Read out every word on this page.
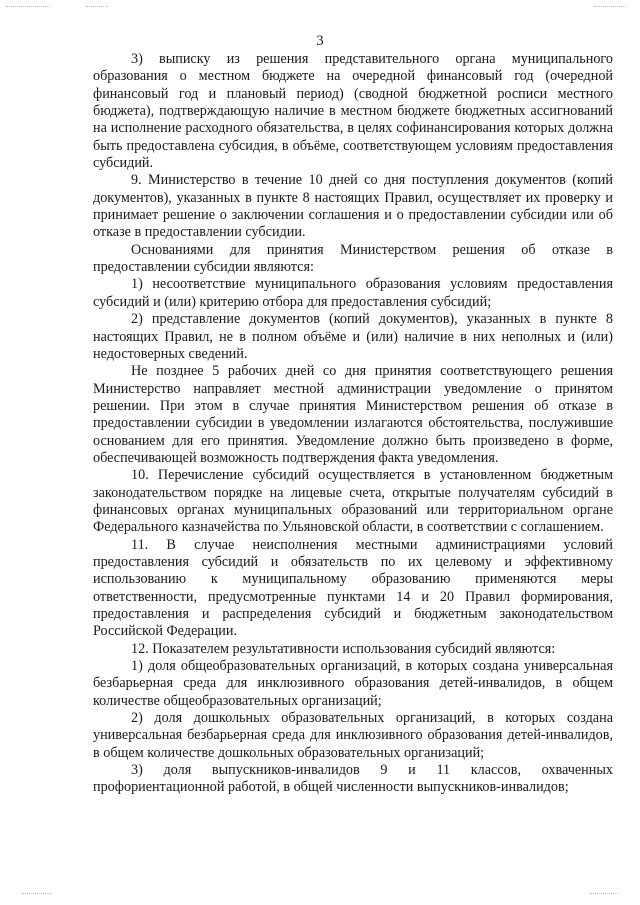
3

3) выписку из решения представительного органа муниципального образования о местном бюджете на очередной финансовый год (очередной финансовый год и плановый период) (сводной бюджетной росписи местного бюджета), подтверждающую наличие в местном бюджете бюджетных ассигнований на исполнение расходного обязательства, в целях софинансирования которых должна быть предоставлена субсидия, в объёме, соответствующем условиям предоставления субсидий.

9. Министерство в течение 10 дней со дня поступления документов (копий документов), указанных в пункте 8 настоящих Правил, осуществляет их проверку и принимает решение о заключении соглашения и о предоставлении субсидии или об отказе в предоставлении субсидии.

Основаниями для принятия Министерством решения об отказе в предоставлении субсидии являются:

1) несоответствие муниципального образования условиям предоставления субсидий и (или) критерию отбора для предоставления субсидий;

2) представление документов (копий документов), указанных в пункте 8 настоящих Правил, не в полном объёме и (или) наличие в них неполных и (или) недостоверных сведений.

Не позднее 5 рабочих дней со дня принятия соответствующего решения Министерство направляет местной администрации уведомление о принятом решении. При этом в случае принятия Министерством решения об отказе в предоставлении субсидии в уведомлении излагаются обстоятельства, послужившие основанием для его принятия. Уведомление должно быть произведено в форме, обеспечивающей возможность подтверждения факта уведомления.

10. Перечисление субсидий осуществляется в установленном бюджетным законодательством порядке на лицевые счета, открытые получателям субсидий в финансовых органах муниципальных образований или территориальном органе Федерального казначейства по Ульяновской области, в соответствии с соглашением.

11. В случае неисполнения местными администрациями условий предоставления субсидий и обязательств по их целевому и эффективному использованию к муниципальному образованию применяются меры ответственности, предусмотренные пунктами 14 и 20 Правил формирования, предоставления и распределения субсидий и бюджетным законодательством Российской Федерации.

12. Показателем результативности использования субсидий являются:

1) доля общеобразовательных организаций, в которых создана универсальная безбарьерная среда для инклюзивного образования детей-инвалидов, в общем количестве общеобразовательных организаций;

2) доля дошкольных образовательных организаций, в которых создана универсальная безбарьерная среда для инклюзивного образования детей-инвалидов, в общем количестве дошкольных образовательных организаций;

3) доля выпускников-инвалидов 9 и 11 классов, охваченных профориентационной работой, в общей численности выпускников-инвалидов;
